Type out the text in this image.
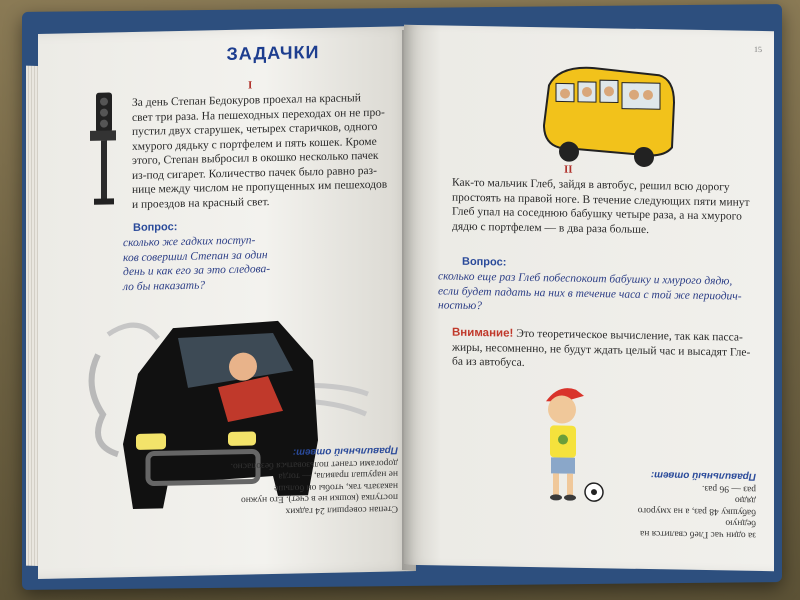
ЗАДАЧКИ
I
За день Степан Бедокуров проехал на красный
свет три раза. На пешеходных переходах он не про-
пустил двух старушек, четырех старичков, одного
хмурого дядьку с портфелем и пять кошек. Кроме
этого, Степан выбросил в окошко несколько пачек
из-под сигарет. Количество пачек было равно раз-
нице между числом не пропущенных им пешеходов
и проездов на красный свет.
Вопрос:
сколько же гадких поступ-
ков совершил Степан за один
день и как его за это следова-
ло бы наказать?
Степан совершил 24 гадких
поступка (кошки не в счет). Его нужно
наказать так, чтобы он больше
не нарушал правила, — тогда
дорогами станет пользоваться безопасно.
Правильный ответ:
15
II
Как-то мальчик Глеб, зайдя в автобус, решил всю дорогу
простоять на правой ноге. В течение следующих пяти минут
Глеб упал на соседнюю бабушку четыре раза, а на хмурого
дядю с портфелем — в два раза больше.
Вопрос:
сколько еще раз Глеб побеспокоит бабушку и хмурого дядю,
если будет падать на них в течение часа с той же периодич-
ностью?
Внимание! Это теоретическое вычисление, так как пасса-
жиры, несомненно, не будут ждать целый час и высадят Гле-
ба из автобуса.
за один час Глеб свалится на бедную
бабушку 48 раз, а на хмурого дядю
раз — 96 раз.
Правильный ответ:
